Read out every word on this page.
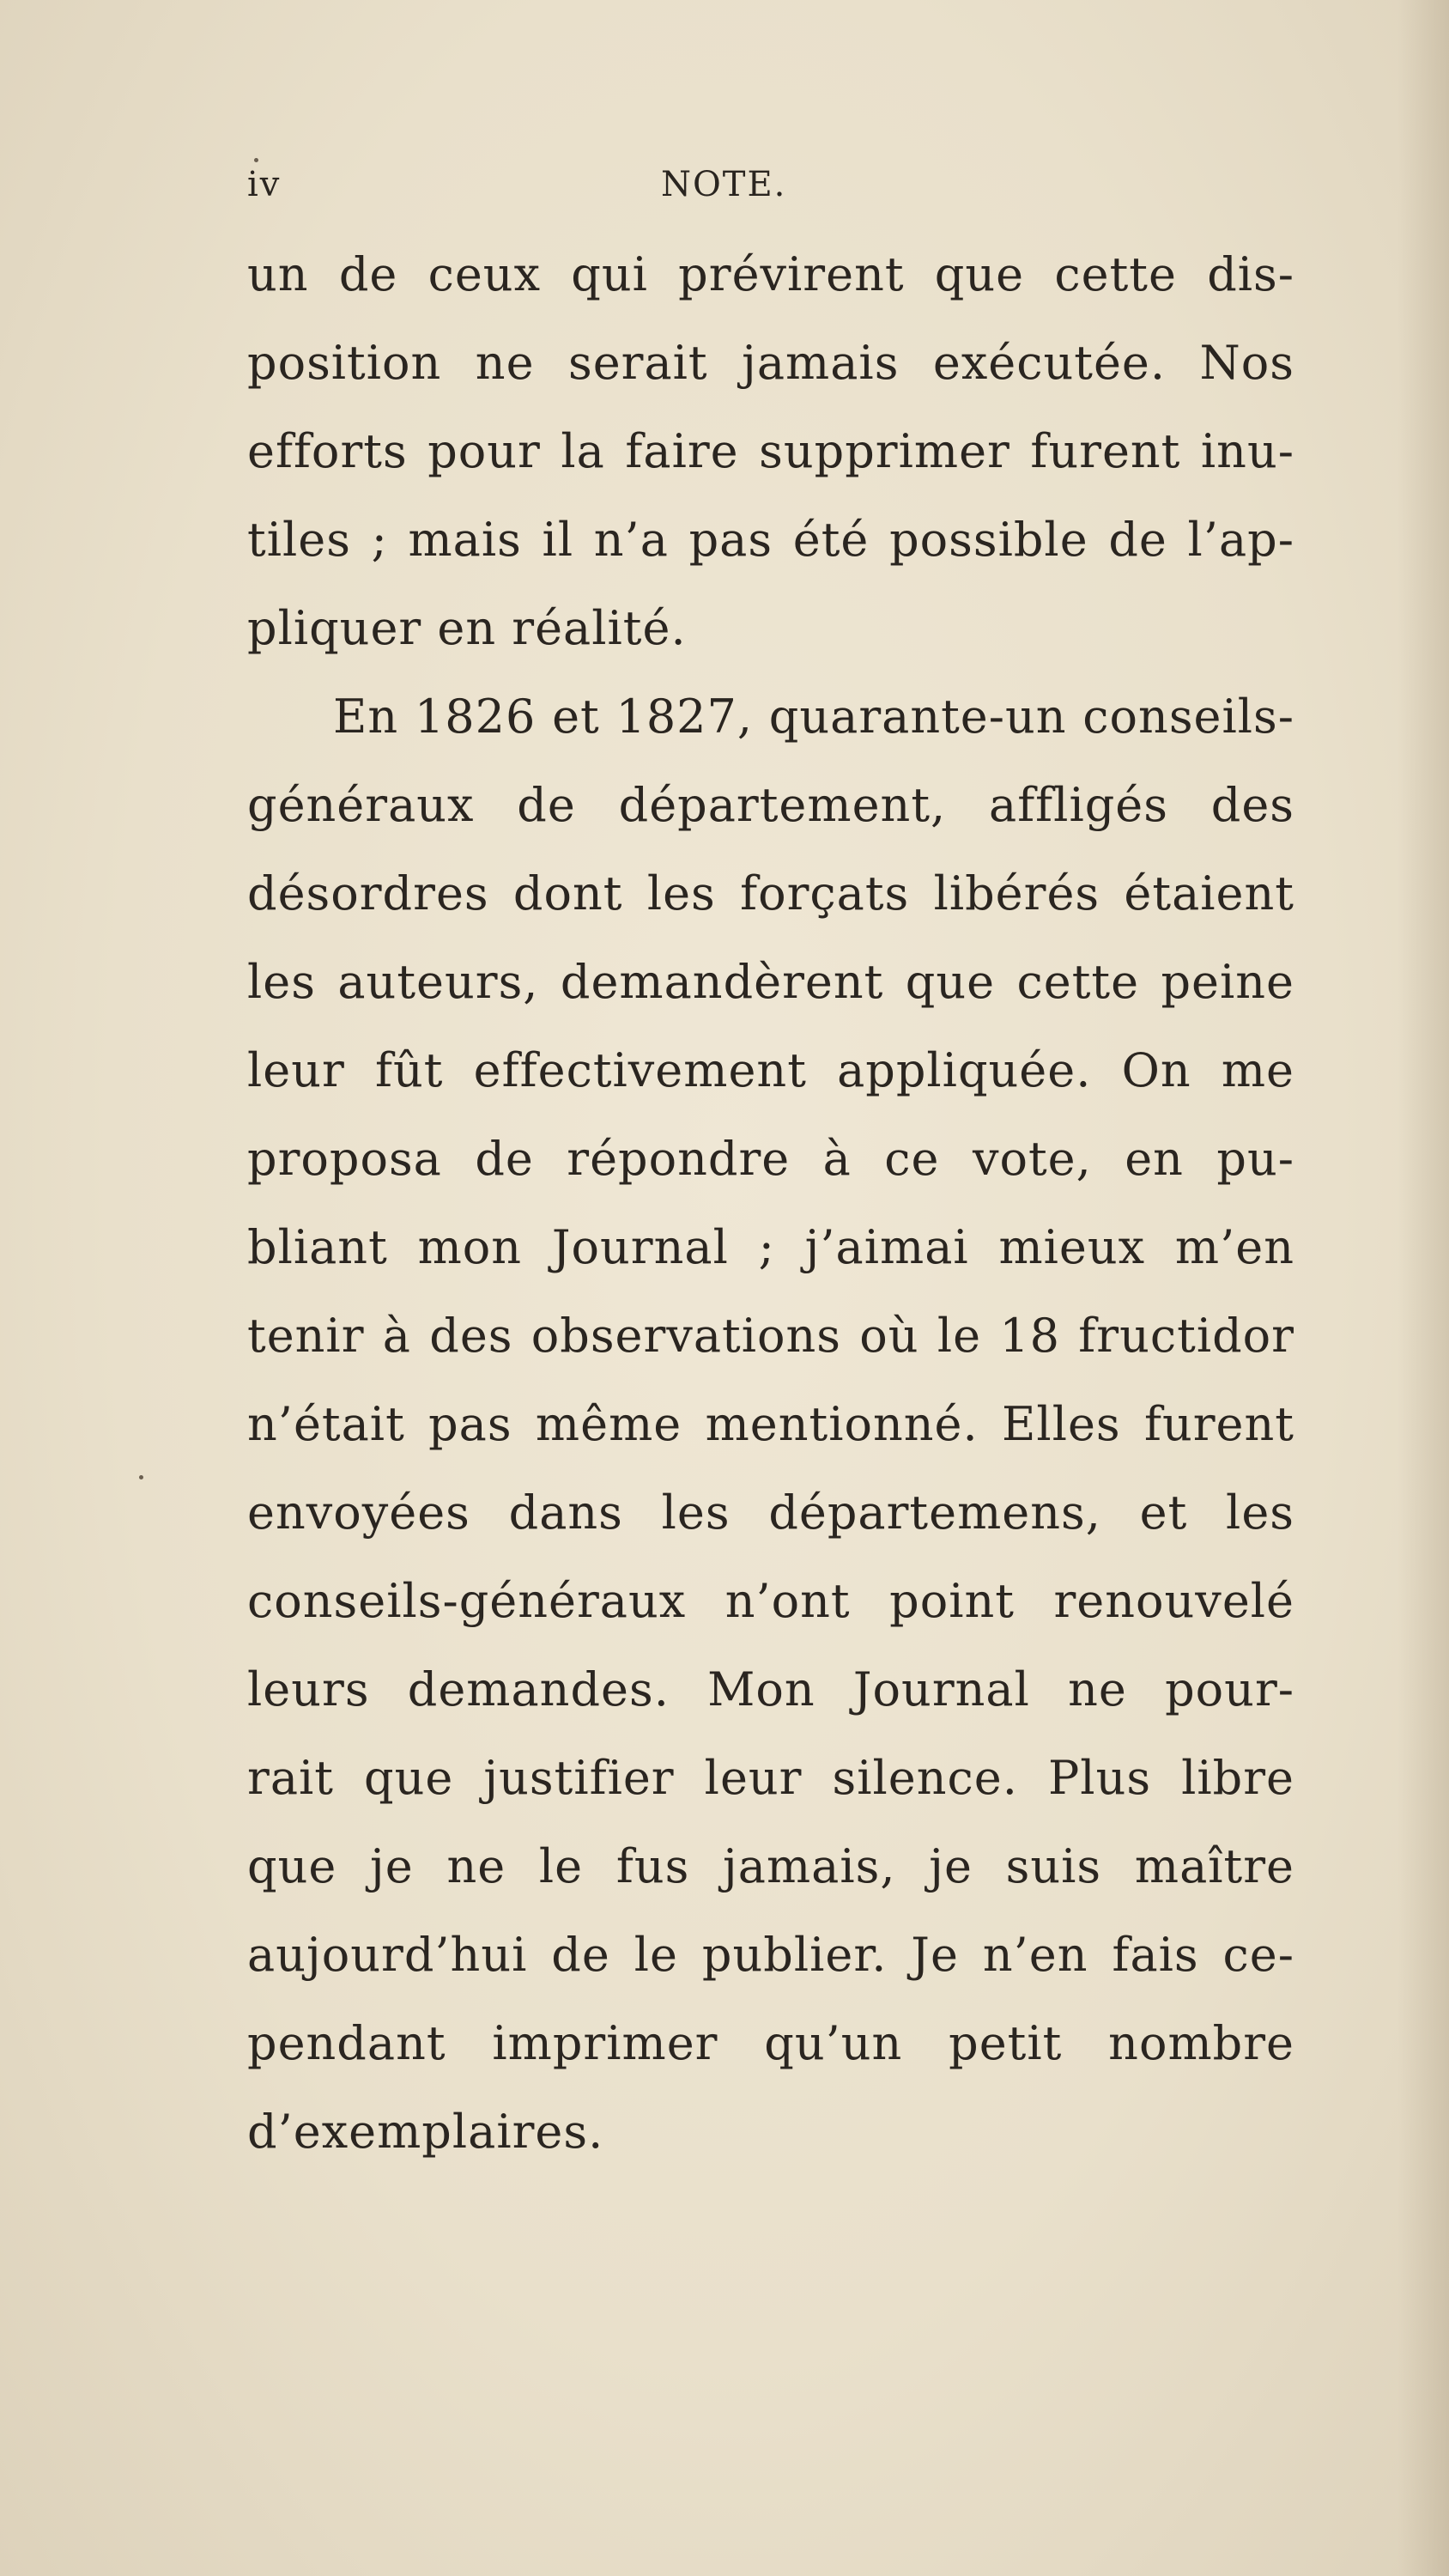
iv	NOTE.
un de ceux qui prévirent que cette dis-
position ne serait jamais exécutée. Nos
efforts pour la faire supprimer furent inu-
tiles ; mais il n’a pas été possible de l’ap-
pliquer en réalité.
En 1826 et 1827, quarante-un conseils-
généraux de département, affligés des
désordres dont les forçats libérés étaient
les auteurs, demandèrent que cette peine
leur fût effectivement appliquée. On me
proposa de répondre à ce vote, en pu-
bliant mon Journal ; j’aimai mieux m’en
tenir à des observations où le 18 fructidor
n’était pas même mentionné. Elles furent
envoyées dans les départemens, et les
conseils-généraux n’ont point renouvelé
leurs demandes. Mon Journal ne pour-
rait que justifier leur silence. Plus libre
que je ne le fus jamais, je suis maître
aujourd’hui de le publier. Je n’en fais ce-
pendant imprimer qu’un petit nombre
d’exemplaires.
